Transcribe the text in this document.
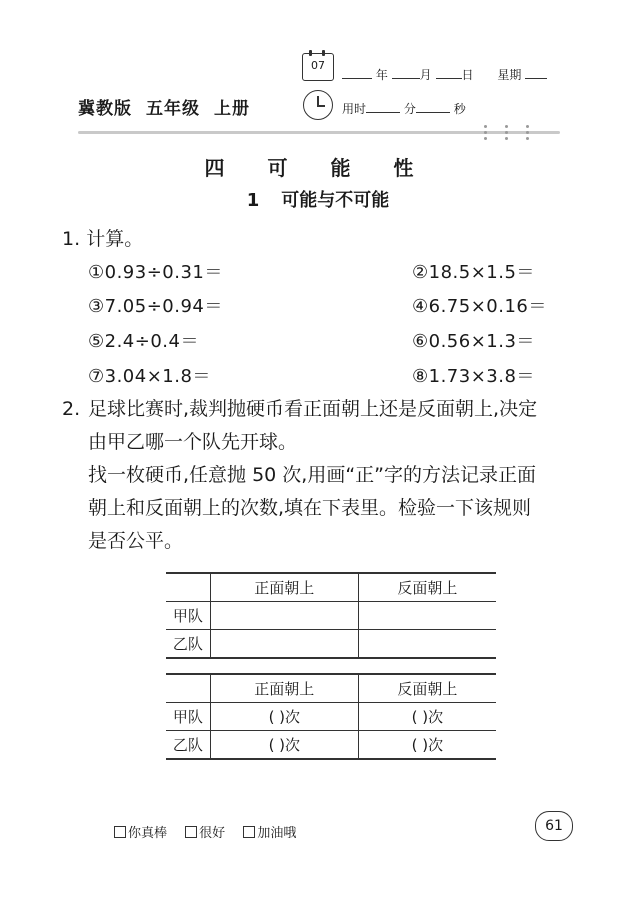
冀教版 五年级 上册
07
年	月 日 星期
用时	分	秒
四 可 能 性
1 可能与不可能
1. 计算。
①0.93÷0.31＝	②18.5×1.5＝
③7.05÷0.94＝	④6.75×0.16＝
⑤2.4÷0.4＝	⑥0.56×1.3＝
⑦3.04×1.8＝	⑧1.73×3.8＝
2. 足球比赛时,裁判抛硬币看正面朝上还是反面朝上,决定
由甲乙哪一个队先开球。
找一枚硬币,任意抛 50 次,用画“正”字的方法记录正面
朝上和反面朝上的次数,填在下表里。检验一下该规则
是否公平。
	正面朝上	反面朝上
甲队		
乙队		
	正面朝上	反面朝上
甲队	( )次	( )次
乙队	( )次	( )次
你真棒 很好 加油哦	61
